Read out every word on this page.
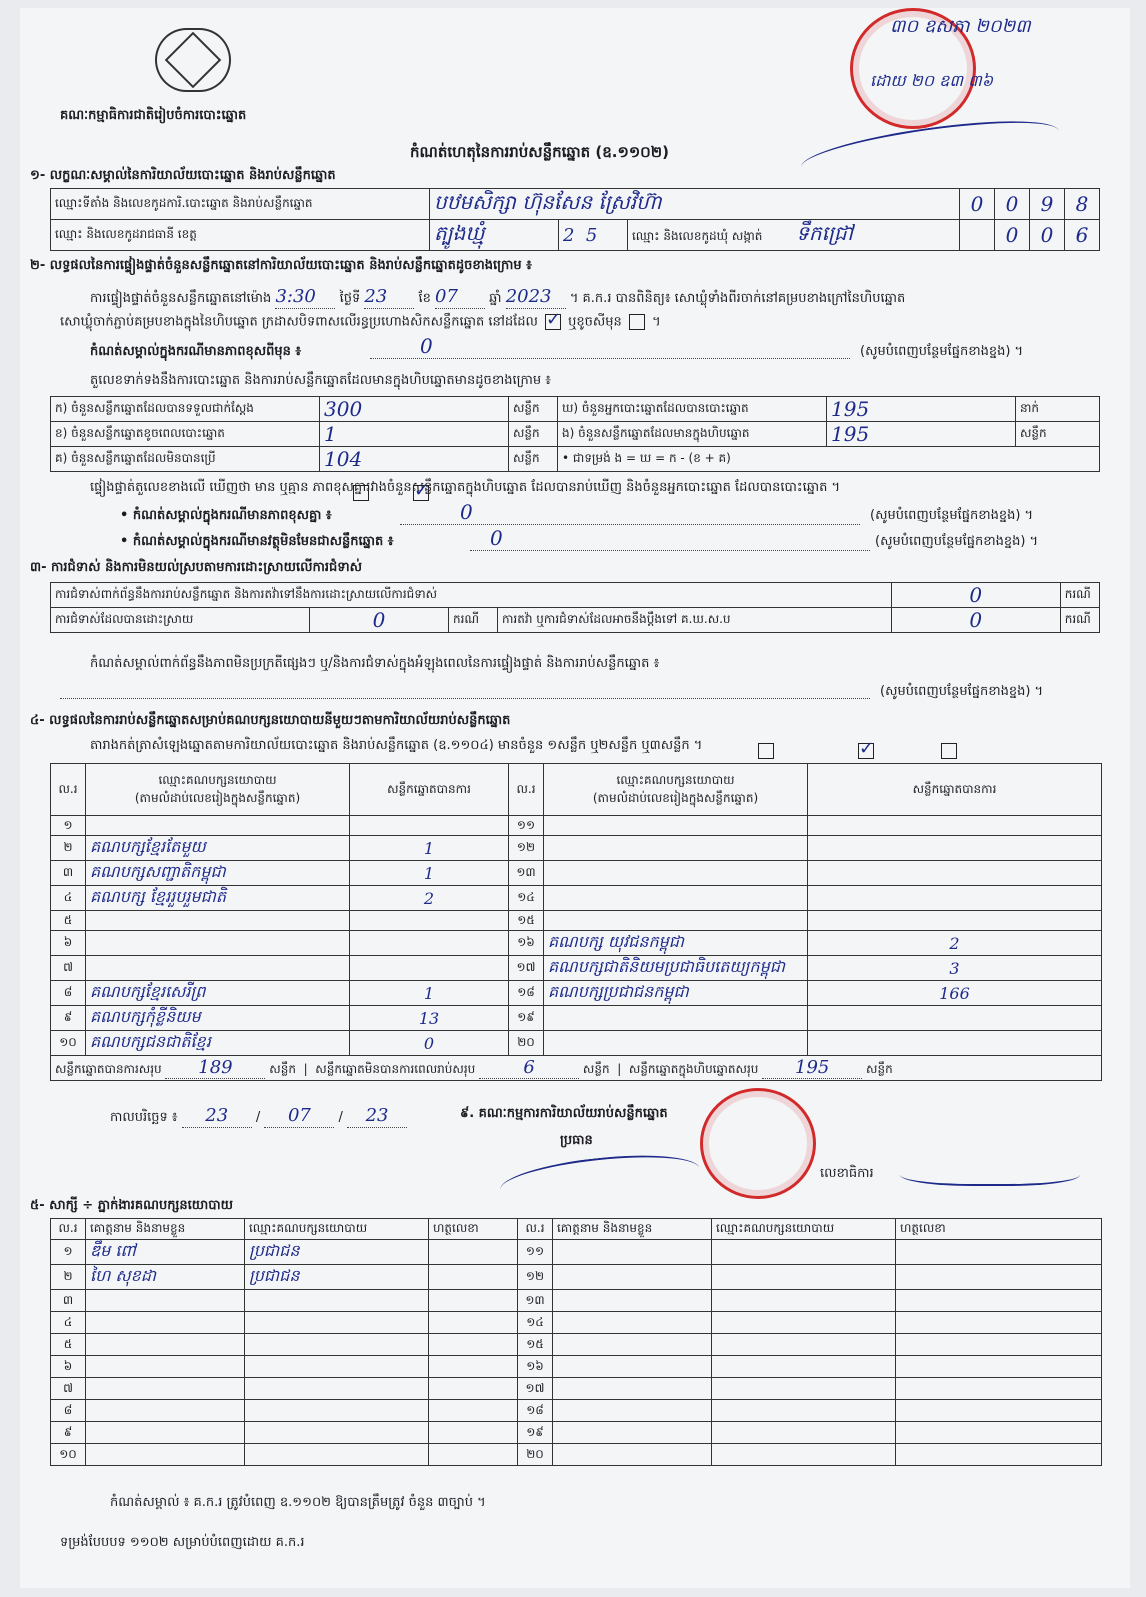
គណៈកម្មាធិការជាតិរៀបចំការបោះឆ្នោត
កំណត់ហេតុនៃការរាប់សន្លឹកឆ្នោត (ឧ.១១០២)
៣០ ឧសភា ២០២៣
ដោយ ២០ ឧ៣ ៣៦
១- លក្ខណៈសម្គាល់នៃការិយាល័យបោះឆ្នោត និងរាប់សន្លឹកឆ្នោត
ឈ្មោះទីតាំង និងលេខកូដការិ.បោះឆ្នោត និងរាប់សន្លឹកឆ្នោត	បឋមសិក្សា ហ៊ុនសែន ស្រែវិហ៊ា			0	0	9	8
ឈ្មោះ និងលេខកូដរាជធានី ខេត្ត	ត្បូងឃ្មុំ	2 5	ឈ្មោះ និងលេខកូដឃុំ សង្កាត់ ទឹកជ្រៅ		0	0	6
២- លទ្ធផលនៃការផ្ទៀងផ្ទាត់ចំនួនសន្លឹកឆ្នោតនៅការិយាល័យបោះឆ្នោត និងរាប់សន្លឹកឆ្នោតដូចខាងក្រោម ៖
ការផ្ទៀងផ្ទាត់ចំនួនសន្លឹកឆ្នោតនៅម៉ោង 3:30 ថ្ងៃទី 23 ខែ 07 ឆ្នាំ 2023 ។ គ.ក.រ បានពិនិត្យ៖ សោឃ្លុំទាំងពីរចាក់នៅគម្របខាងក្រៅនៃហិបឆ្នោត
សោឃ្លុំចាក់ភ្ជាប់គម្របខាងក្នុងនៃហិបឆ្នោត ក្រដាសបិទពាសលើរន្ធប្រហោងសិកសន្លឹកឆ្នោត នៅដដែល ✓ ឬខូចសីមុន  ។
កំណត់សម្គាល់ក្នុងករណីមានភាពខុសពីមុន ៖	0	(សូមបំពេញបន្ថែមផ្នែកខាងខ្នង) ។
តួលេខទាក់ទងនឹងការបោះឆ្នោត និងការរាប់សន្លឹកឆ្នោតដែលមានក្នុងហិបឆ្នោតមានដូចខាងក្រោម ៖
ក) ចំនួនសន្លឹកឆ្នោតដែលបានទទួលជាក់ស្តែង	300	សន្លឹក	ឃ) ចំនួនអ្នកបោះឆ្នោតដែលបានបោះឆ្នោត	195	នាក់
ខ) ចំនួនសន្លឹកឆ្នោតខូចពេលបោះឆ្នោត	1	សន្លឹក	ង) ចំនួនសន្លឹកឆ្នោតដែលមានក្នុងហិបឆ្នោត	195	សន្លឹក
គ) ចំនួនសន្លឹកឆ្នោតដែលមិនបានប្រើ	104	សន្លឹក	• ជាទម្រង់ ង = ឃ = ក - (ខ + គ)		
ផ្ទៀងផ្ទាត់តួលេខខាងលើ ឃើញថា មាន ឬគ្មាន ភាពខុសគ្នារវាងចំនួនសន្លឹកឆ្នោតក្នុងហិបឆ្នោត ដែលបានរាប់ឃើញ និងចំនួនអ្នកបោះឆ្នោត ដែលបានបោះឆ្នោត ។
✓
• កំណត់សម្គាល់ក្នុងករណីមានភាពខុសគ្នា ៖	0	(សូមបំពេញបន្ថែមផ្នែកខាងខ្នង) ។
• កំណត់សម្គាល់ក្នុងករណីមានវត្ថុមិនមែនជាសន្លឹកឆ្នោត ៖	0	(សូមបំពេញបន្ថែមផ្នែកខាងខ្នង) ។
៣- ការជំទាស់ និងការមិនយល់ស្របតាមការដោះស្រាយលើការជំទាស់
ការជំទាស់ពាក់ព័ន្ធនឹងការរាប់សន្លឹកឆ្នោត និងការតវ៉ាទៅនឹងការដោះស្រាយលើការជំទាស់				0	ករណី
ការជំទាស់ដែលបានដោះស្រាយ	0	ករណី	ការតវ៉ា ឬការជំទាស់ដែលអាចនឹងប្តឹងទៅ គ.ឃ.ស.ប	0	ករណី
កំណត់សម្គាល់ពាក់ព័ន្ធនឹងភាពមិនប្រក្រតីផ្សេងៗ ឬ/និងការជំទាស់ក្នុងអំឡុងពេលនៃការផ្ទៀងផ្ទាត់ និងការរាប់សន្លឹកឆ្នោត ៖
(សូមបំពេញបន្ថែមផ្នែកខាងខ្នង) ។
៤- លទ្ធផលនៃការរាប់សន្លឹកឆ្នោតសម្រាប់គណបក្សនយោបាយនីមួយៗតាមការិយាល័យរាប់សន្លឹកឆ្នោត
តារាងកត់ត្រាសំឡេងឆ្នោតតាមការិយាល័យបោះឆ្នោត និងរាប់សន្លឹកឆ្នោត (ឧ.១១០៤) មានចំនួន ១សន្លឹក ឬ២សន្លឹក ឬ៣សន្លឹក ។
✓
ល.រ	ឈ្មោះគណបក្សនយោបាយ
(តាមលំដាប់លេខរៀងក្នុងសន្លឹកឆ្នោត)	សន្លឹកឆ្នោតបានការ	ល.រ	ឈ្មោះគណបក្សនយោបាយ
(តាមលំដាប់លេខរៀងក្នុងសន្លឹកឆ្នោត)	សន្លឹកឆ្នោតបានការ
១			១១		
២	គណបក្សខ្មែរតែមួយ	1	១២		
៣	គណបក្សសញ្ជាតិកម្ពុជា	1	១៣		
៤	គណបក្ស ខ្មែររួបរួមជាតិ	2	១៤		
៥			១៥		
៦			១៦	គណបក្ស យុវជនកម្ពុជា	2
៧			១៧	គណបក្សជាតិនិយមប្រជាធិបតេយ្យកម្ពុជា	3
៨	គណបក្សខ្មែរសេរីព្រ	1	១៨	គណបក្សប្រជាជនកម្ពុជា	166
៩	គណបក្សកុំខ្លីនិយម	13	១៩		
១០	គណបក្សជនជាតិខ្មែរ	0	២០		
សន្លឹកឆ្នោតបានការសរុប 189 សន្លឹក  |  សន្លឹកឆ្នោតមិនបានការពេលរាប់សរុប 6 សន្លឹក  |  សន្លឹកឆ្នោតក្នុងហិបឆ្នោតសរុប 195 សន្លឹក					
កាលបរិច្ឆេទ ៖ 23 / 07 / 23	៩. គណៈកម្មការការិយាល័យរាប់សន្លឹកឆ្នោត
ប្រធាន
លេខាធិការ
៥- សាក្សី ÷ ភ្នាក់ងារគណបក្សនយោបាយ
ល.រ	គោត្តនាម និងនាមខ្លួន	ឈ្មោះគណបក្សនយោបាយ	ហត្ថលេខា	ល.រ	គោត្តនាម និងនាមខ្លួន	ឈ្មោះគណបក្សនយោបាយ	ហត្ថលេខា
១	ឌឹម ពៅ	ប្រជាជន		១១			
២	ហៃ សុខដា	ប្រជាជន		១២			
៣				១៣			
៤				១៤			
៥				១៥			
៦				១៦			
៧				១៧			
៨				១៨			
៩				១៩			
១០				២០			
កំណត់សម្គាល់ ៖ គ.ក.រ ត្រូវបំពេញ ឧ.១១០២ ឱ្យបានត្រឹមត្រូវ ចំនួន ៣ច្បាប់ ។
ទម្រង់បែបបទ ១១០២ សម្រាប់បំពេញដោយ គ.ក.រ
